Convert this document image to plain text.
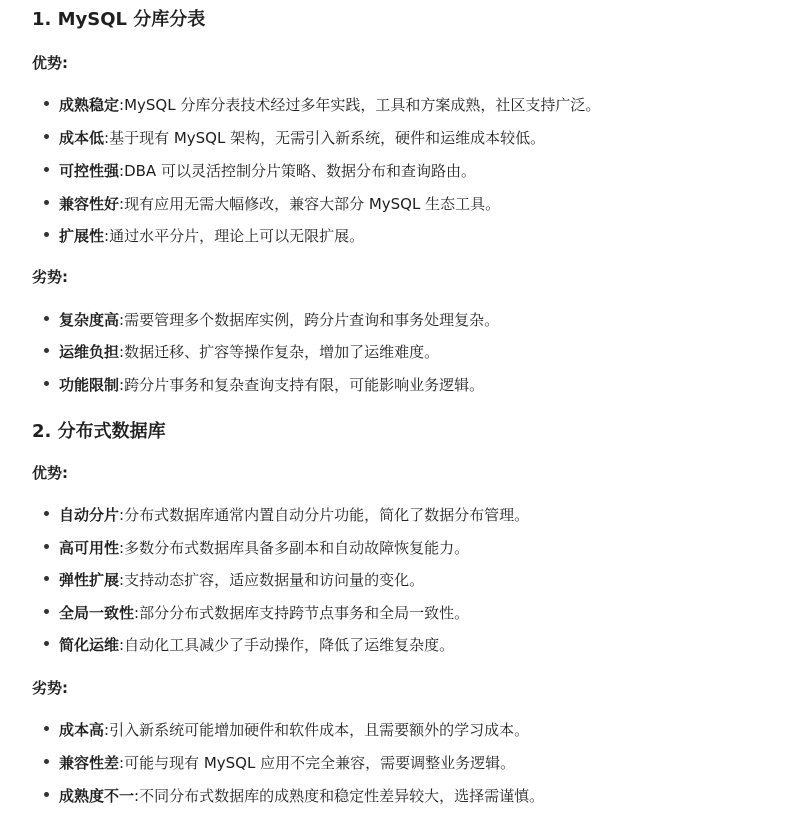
1. MySQL 分库分表
优势:
成熟稳定:MySQL 分库分表技术经过多年实践，工具和方案成熟，社区支持广泛。
成本低:基于现有 MySQL 架构，无需引入新系统，硬件和运维成本较低。
可控性强:DBA 可以灵活控制分片策略、数据分布和查询路由。
兼容性好:现有应用无需大幅修改，兼容大部分 MySQL 生态工具。
扩展性:通过水平分片，理论上可以无限扩展。
劣势:
复杂度高:需要管理多个数据库实例，跨分片查询和事务处理复杂。
运维负担:数据迁移、扩容等操作复杂，增加了运维难度。
功能限制:跨分片事务和复杂查询支持有限，可能影响业务逻辑。
2. 分布式数据库
优势:
自动分片:分布式数据库通常内置自动分片功能，简化了数据分布管理。
高可用性:多数分布式数据库具备多副本和自动故障恢复能力。
弹性扩展:支持动态扩容，适应数据量和访问量的变化。
全局一致性:部分分布式数据库支持跨节点事务和全局一致性。
简化运维:自动化工具减少了手动操作，降低了运维复杂度。
劣势:
成本高:引入新系统可能增加硬件和软件成本，且需要额外的学习成本。
兼容性差:可能与现有 MySQL 应用不完全兼容，需要调整业务逻辑。
成熟度不一:不同分布式数据库的成熟度和稳定性差异较大，选择需谨慎。
